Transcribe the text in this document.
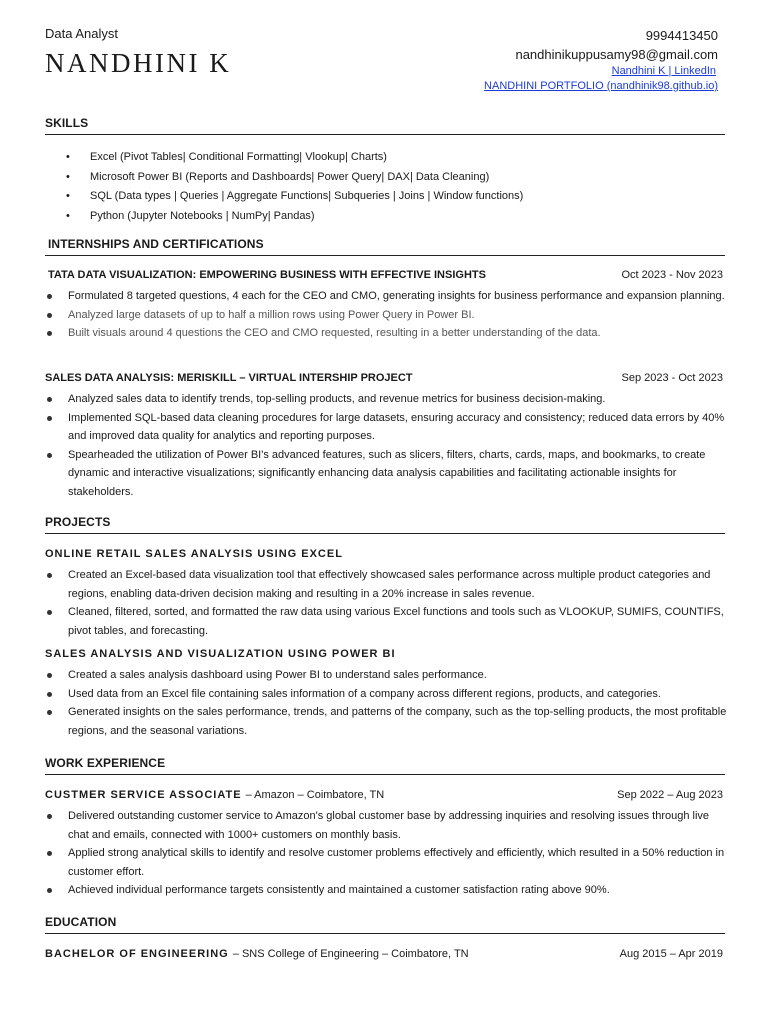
Data Analyst
NANDHINI K
9994413450
nandhinikuppusamy98@gmail.com
Nandhini K | LinkedIn
NANDHINI PORTFOLIO (nandhinik98.github.io)
SKILLS
• Excel (Pivot Tables| Conditional Formatting| Vlookup| Charts)
• Microsoft Power BI (Reports and Dashboards| Power Query| DAX| Data Cleaning)
• SQL (Data types | Queries | Aggregate Functions| Subqueries | Joins | Window functions)
• Python (Jupyter Notebooks | NumPy| Pandas)
INTERNSHIPS AND CERTIFICATIONS
TATA DATA VISUALIZATION: EMPOWERING BUSINESS WITH EFFECTIVE INSIGHTS	Oct 2023 - Nov 2023
Formulated 8 targeted questions, 4 each for the CEO and CMO, generating insights for business performance and expansion planning.
Analyzed large datasets of up to half a million rows using Power Query in Power BI.
Built visuals around 4 questions the CEO and CMO requested, resulting in a better understanding of the data.
SALES DATA ANALYSIS: MERISKILL – VIRTUAL INTERSHIP PROJECT	Sep 2023 - Oct 2023
Analyzed sales data to identify trends, top-selling products, and revenue metrics for business decision-making.
Implemented SQL-based data cleaning procedures for large datasets, ensuring accuracy and consistency; reduced data errors by 40% and improved data quality for analytics and reporting purposes.
Spearheaded the utilization of Power BI's advanced features, such as slicers, filters, charts, cards, maps, and bookmarks, to create dynamic and interactive visualizations; significantly enhancing data analysis capabilities and facilitating actionable insights for stakeholders.
PROJECTS
ONLINE RETAIL SALES ANALYSIS USING EXCEL
Created an Excel-based data visualization tool that effectively showcased sales performance across multiple product categories and regions, enabling data-driven decision making and resulting in a 20% increase in sales revenue.
Cleaned, filtered, sorted, and formatted the raw data using various Excel functions and tools such as VLOOKUP, SUMIFS, COUNTIFS, pivot tables, and forecasting.
SALES ANALYSIS AND VISUALIZATION USING POWER BI
Created a sales analysis dashboard using Power BI to understand sales performance.
Used data from an Excel file containing sales information of a company across different regions, products, and categories.
Generated insights on the sales performance, trends, and patterns of the company, such as the top-selling products, the most profitable regions, and the seasonal variations.
WORK EXPERIENCE
CUSTMER SERVICE ASSOCIATE – Amazon – Coimbatore, TN	Sep 2022 – Aug 2023
Delivered outstanding customer service to Amazon's global customer base by addressing inquiries and resolving issues through live chat and emails, connected with 1000+ customers on monthly basis.
Applied strong analytical skills to identify and resolve customer problems effectively and efficiently, which resulted in a 50% reduction in customer effort.
Achieved individual performance targets consistently and maintained a customer satisfaction rating above 90%.
EDUCATION
BACHELOR OF ENGINEERING – SNS College of Engineering – Coimbatore, TN	Aug 2015 – Apr 2019
